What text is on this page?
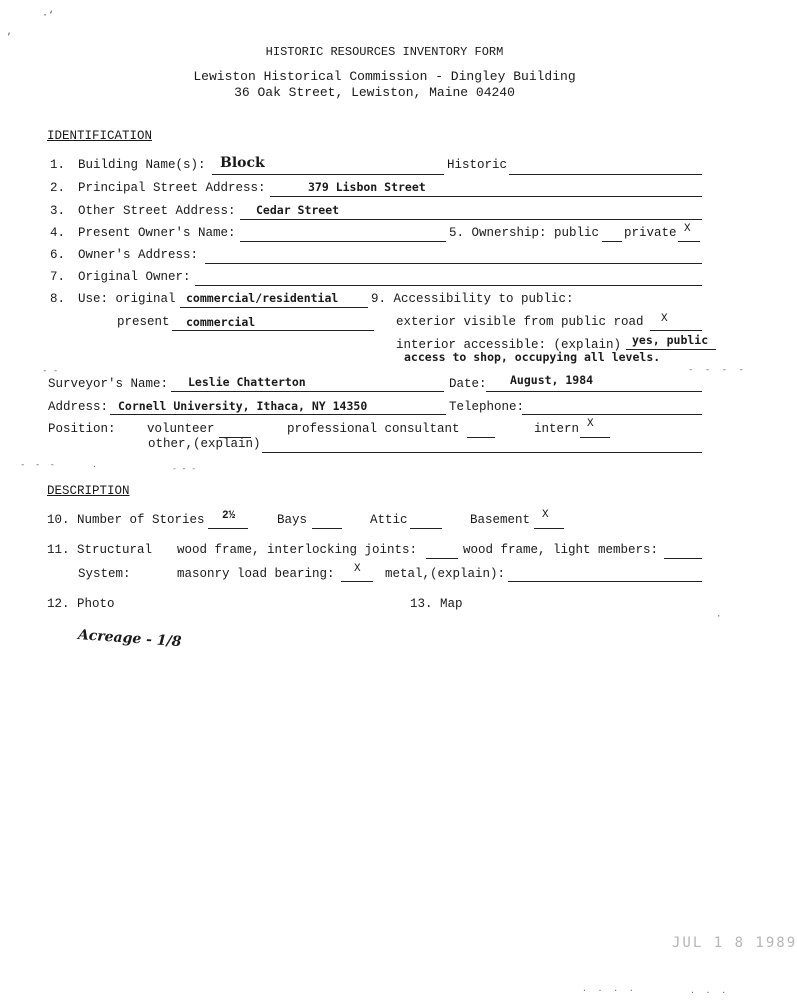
·‘
‚
HISTORIC RESOURCES INVENTORY FORM
Lewiston Historical Commission - Dingley Building
36 Oak Street, Lewiston, Maine 04240
IDENTIFICATION
1. Building Name(s): Block	Historic
2. Principal Street Address:	379 Lisbon Street
3. Other Street Address: Cedar Street
4. Present Owner's Name:	5. Ownership: public private X
6. Owner's Address:
7. Original Owner:
8. Use: original commercial/residential	9. Accessibility to public:
present commercial	exterior visible from public road X
interior accessible: (explain) yes, public
access to shop, occupying all levels.
- - - -
- -
Surveyor's Name: Leslie Chatterton	Date: August, 1984
Address: Cornell University, Ithaca, NY 14350	Telephone:
Position:	volunteer	professional consultant	intern X
other,(explain)
- - -	·	- - -
DESCRIPTION
10. Number of Stories 2½	Bays	Attic	Basement X
11. Structural wood frame, interlocking joints:	wood frame, light members:
System:	masonry load bearing: X metal,(explain):
12. Photo	13. Map
Acreage - 1/8
·
JUL 1 8 1989
· · · ·	· · ·
